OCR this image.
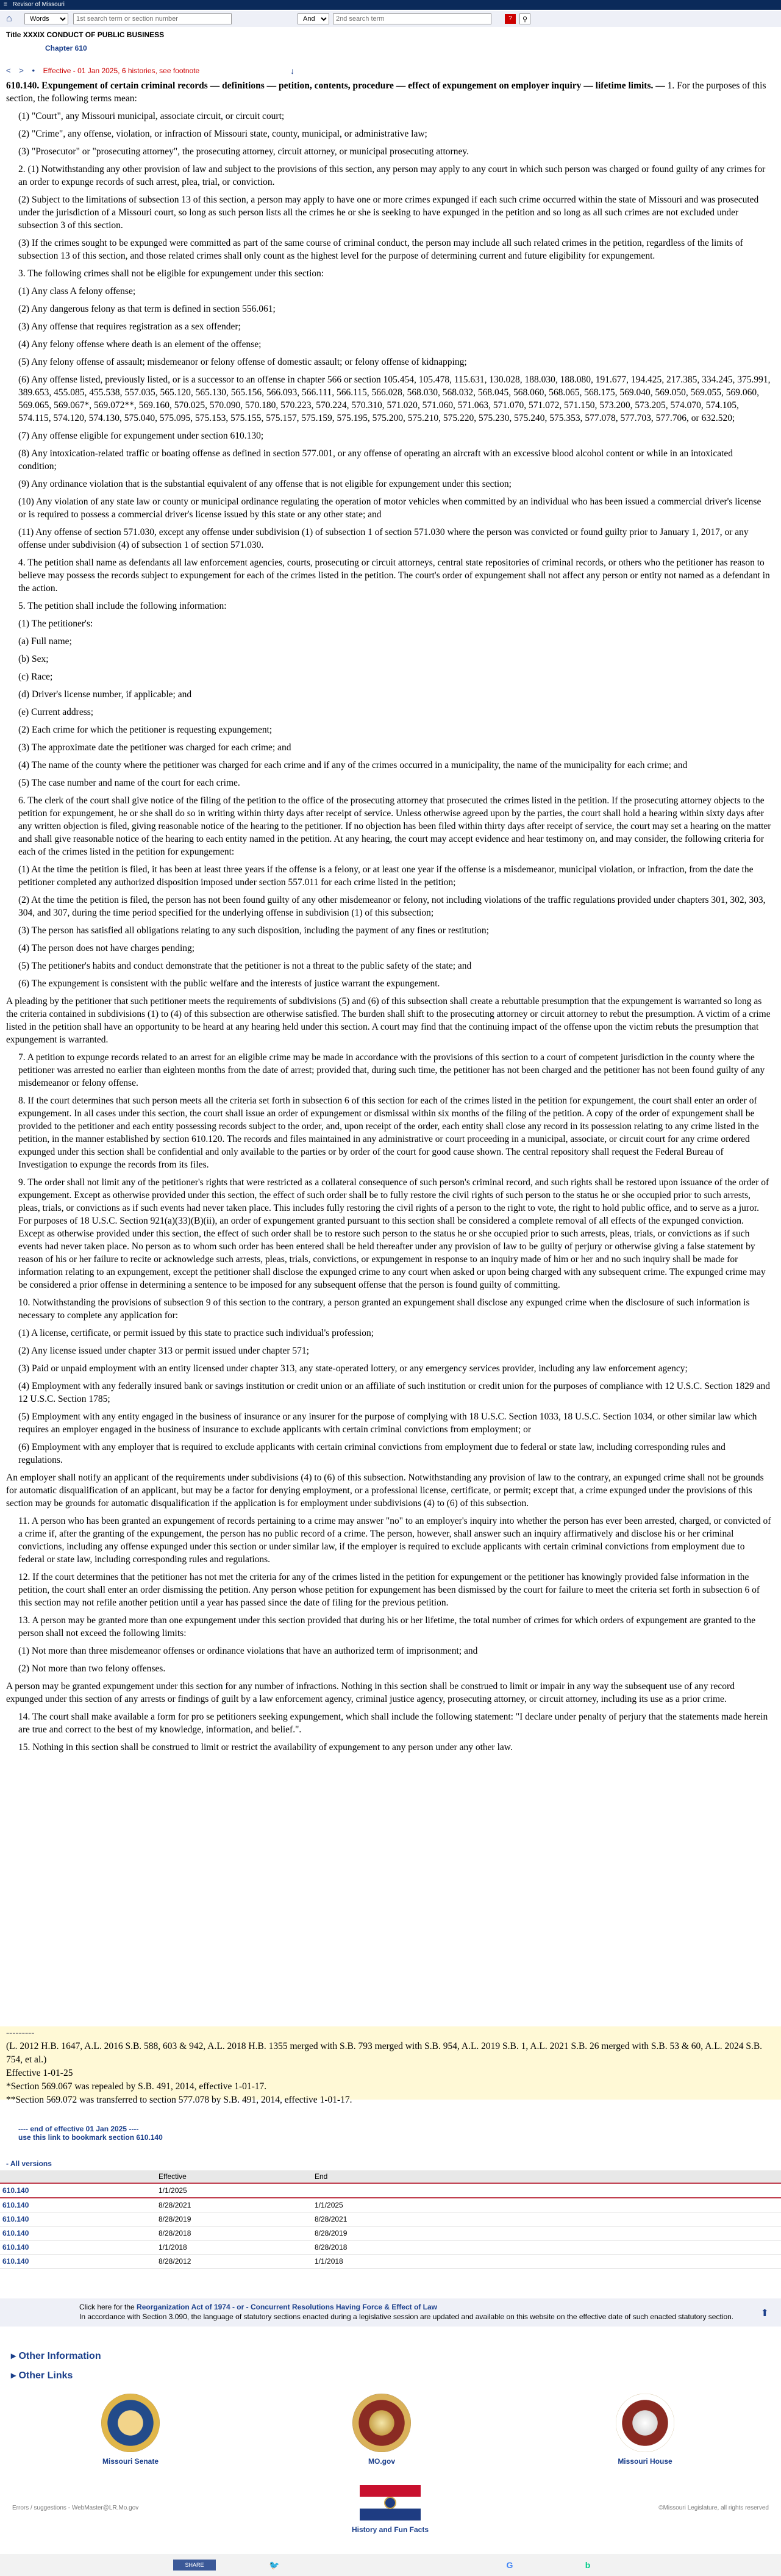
≡ Revisor of Missouri
⌂
Words
1st search term or section number
And
2nd search term	?	⚲
Title XXXIX CONDUCT OF PUBLIC BUSINESS
Chapter 610
< > • Effective - 01 Jan 2025, 6 histories, see footnote	↓

610.140. Expungement of certain criminal records — definitions — petition, contents, procedure — effect of expungement on employer inquiry — lifetime limits. — 1. For the purposes of this section, the following terms mean:

(1) "Court", any Missouri municipal, associate circuit, or circuit court;

(2) "Crime", any offense, violation, or infraction of Missouri state, county, municipal, or administrative law;

(3) "Prosecutor" or "prosecuting attorney", the prosecuting attorney, circuit attorney, or municipal prosecuting attorney.

2. (1) Notwithstanding any other provision of law and subject to the provisions of this section, any person may apply to any court in which such person was charged or found guilty of any crimes for an order to expunge records of such arrest, plea, trial, or conviction.

(2) Subject to the limitations of subsection 13 of this section, a person may apply to have one or more crimes expunged if each such crime occurred within the state of Missouri and was prosecuted under the jurisdiction of a Missouri court, so long as such person lists all the crimes he or she is seeking to have expunged in the petition and so long as all such crimes are not excluded under subsection 3 of this section.

(3) If the crimes sought to be expunged were committed as part of the same course of criminal conduct, the person may include all such related crimes in the petition, regardless of the limits of subsection 13 of this section, and those related crimes shall only count as the highest level for the purpose of determining current and future eligibility for expungement.

3. The following crimes shall not be eligible for expungement under this section:

(1) Any class A felony offense;

(2) Any dangerous felony as that term is defined in section 556.061;

(3) Any offense that requires registration as a sex offender;

(4) Any felony offense where death is an element of the offense;

(5) Any felony offense of assault; misdemeanor or felony offense of domestic assault; or felony offense of kidnapping;

(6) Any offense listed, previously listed, or is a successor to an offense in chapter 566 or section 105.454, 105.478, 115.631, 130.028, 188.030, 188.080, 191.677, 194.425, 217.385, 334.245, 375.991, 389.653, 455.085, 455.538, 557.035, 565.120, 565.130, 565.156, 566.093, 566.111, 566.115, 566.028, 568.030, 568.032, 568.045, 568.060, 568.065, 568.175, 569.040, 569.050, 569.055, 569.060, 569.065, 569.067*, 569.072**, 569.160, 570.025, 570.090, 570.180, 570.223, 570.224, 570.310, 571.020, 571.060, 571.063, 571.070, 571.072, 571.150, 573.200, 573.205, 574.070, 574.105, 574.115, 574.120, 574.130, 575.040, 575.095, 575.153, 575.155, 575.157, 575.159, 575.195, 575.200, 575.210, 575.220, 575.230, 575.240, 575.353, 577.078, 577.703, 577.706, or 632.520;

(7) Any offense eligible for expungement under section 610.130;

(8) Any intoxication-related traffic or boating offense as defined in section 577.001, or any offense of operating an aircraft with an excessive blood alcohol content or while in an intoxicated condition;

(9) Any ordinance violation that is the substantial equivalent of any offense that is not eligible for expungement under this section;

(10) Any violation of any state law or county or municipal ordinance regulating the operation of motor vehicles when committed by an individual who has been issued a commercial driver's license or is required to possess a commercial driver's license issued by this state or any other state; and

(11) Any offense of section 571.030, except any offense under subdivision (1) of subsection 1 of section 571.030 where the person was convicted or found guilty prior to January 1, 2017, or any offense under subdivision (4) of subsection 1 of section 571.030.

4. The petition shall name as defendants all law enforcement agencies, courts, prosecuting or circuit attorneys, central state repositories of criminal records, or others who the petitioner has reason to believe may possess the records subject to expungement for each of the crimes listed in the petition. The court's order of expungement shall not affect any person or entity not named as a defendant in the action.

5. The petition shall include the following information:

(1) The petitioner's:

(a) Full name;

(b) Sex;

(c) Race;

(d) Driver's license number, if applicable; and

(e) Current address;

(2) Each crime for which the petitioner is requesting expungement;

(3) The approximate date the petitioner was charged for each crime; and

(4) The name of the county where the petitioner was charged for each crime and if any of the crimes occurred in a municipality, the name of the municipality for each crime; and

(5) The case number and name of the court for each crime.

6. The clerk of the court shall give notice of the filing of the petition to the office of the prosecuting attorney that prosecuted the crimes listed in the petition. If the prosecuting attorney objects to the petition for expungement, he or she shall do so in writing within thirty days after receipt of service. Unless otherwise agreed upon by the parties, the court shall hold a hearing within sixty days after any written objection is filed, giving reasonable notice of the hearing to the petitioner. If no objection has been filed within thirty days after receipt of service, the court may set a hearing on the matter and shall give reasonable notice of the hearing to each entity named in the petition. At any hearing, the court may accept evidence and hear testimony on, and may consider, the following criteria for each of the crimes listed in the petition for expungement:

(1) At the time the petition is filed, it has been at least three years if the offense is a felony, or at least one year if the offense is a misdemeanor, municipal violation, or infraction, from the date the petitioner completed any authorized disposition imposed under section 557.011 for each crime listed in the petition;

(2) At the time the petition is filed, the person has not been found guilty of any other misdemeanor or felony, not including violations of the traffic regulations provided under chapters 301, 302, 303, 304, and 307, during the time period specified for the underlying offense in subdivision (1) of this subsection;

(3) The person has satisfied all obligations relating to any such disposition, including the payment of any fines or restitution;

(4) The person does not have charges pending;

(5) The petitioner's habits and conduct demonstrate that the petitioner is not a threat to the public safety of the state; and

(6) The expungement is consistent with the public welfare and the interests of justice warrant the expungement.

A pleading by the petitioner that such petitioner meets the requirements of subdivisions (5) and (6) of this subsection shall create a rebuttable presumption that the expungement is warranted so long as the criteria contained in subdivisions (1) to (4) of this subsection are otherwise satisfied. The burden shall shift to the prosecuting attorney or circuit attorney to rebut the presumption. A victim of a crime listed in the petition shall have an opportunity to be heard at any hearing held under this section. A court may find that the continuing impact of the offense upon the victim rebuts the presumption that expungement is warranted.

7. A petition to expunge records related to an arrest for an eligible crime may be made in accordance with the provisions of this section to a court of competent jurisdiction in the county where the petitioner was arrested no earlier than eighteen months from the date of arrest; provided that, during such time, the petitioner has not been charged and the petitioner has not been found guilty of any misdemeanor or felony offense.

8. If the court determines that such person meets all the criteria set forth in subsection 6 of this section for each of the crimes listed in the petition for expungement, the court shall enter an order of expungement. In all cases under this section, the court shall issue an order of expungement or dismissal within six months of the filing of the petition. A copy of the order of expungement shall be provided to the petitioner and each entity possessing records subject to the order, and, upon receipt of the order, each entity shall close any record in its possession relating to any crime listed in the petition, in the manner established by section 610.120. The records and files maintained in any administrative or court proceeding in a municipal, associate, or circuit court for any crime ordered expunged under this section shall be confidential and only available to the parties or by order of the court for good cause shown. The central repository shall request the Federal Bureau of Investigation to expunge the records from its files.

9. The order shall not limit any of the petitioner's rights that were restricted as a collateral consequence of such person's criminal record, and such rights shall be restored upon issuance of the order of expungement. Except as otherwise provided under this section, the effect of such order shall be to fully restore the civil rights of such person to the status he or she occupied prior to such arrests, pleas, trials, or convictions as if such events had never taken place. This includes fully restoring the civil rights of a person to the right to vote, the right to hold public office, and to serve as a juror. For purposes of 18 U.S.C. Section 921(a)(33)(B)(ii), an order of expungement granted pursuant to this section shall be considered a complete removal of all effects of the expunged conviction. Except as otherwise provided under this section, the effect of such order shall be to restore such person to the status he or she occupied prior to such arrests, pleas, trials, or convictions as if such events had never taken place. No person as to whom such order has been entered shall be held thereafter under any provision of law to be guilty of perjury or otherwise giving a false statement by reason of his or her failure to recite or acknowledge such arrests, pleas, trials, convictions, or expungement in response to an inquiry made of him or her and no such inquiry shall be made for information relating to an expungement, except the petitioner shall disclose the expunged crime to any court when asked or upon being charged with any subsequent crime. The expunged crime may be considered a prior offense in determining a sentence to be imposed for any subsequent offense that the person is found guilty of committing.

10. Notwithstanding the provisions of subsection 9 of this section to the contrary, a person granted an expungement shall disclose any expunged crime when the disclosure of such information is necessary to complete any application for:

(1) A license, certificate, or permit issued by this state to practice such individual's profession;

(2) Any license issued under chapter 313 or permit issued under chapter 571;

(3) Paid or unpaid employment with an entity licensed under chapter 313, any state-operated lottery, or any emergency services provider, including any law enforcement agency;

(4) Employment with any federally insured bank or savings institution or credit union or an affiliate of such institution or credit union for the purposes of compliance with 12 U.S.C. Section 1829 and 12 U.S.C. Section 1785;

(5) Employment with any entity engaged in the business of insurance or any insurer for the purpose of complying with 18 U.S.C. Section 1033, 18 U.S.C. Section 1034, or other similar law which requires an employer engaged in the business of insurance to exclude applicants with certain criminal convictions from employment; or

(6) Employment with any employer that is required to exclude applicants with certain criminal convictions from employment due to federal or state law, including corresponding rules and regulations.

An employer shall notify an applicant of the requirements under subdivisions (4) to (6) of this subsection. Notwithstanding any provision of law to the contrary, an expunged crime shall not be grounds for automatic disqualification of an applicant, but may be a factor for denying employment, or a professional license, certificate, or permit; except that, a crime expunged under the provisions of this section may be grounds for automatic disqualification if the application is for employment under subdivisions (4) to (6) of this subsection.

11. A person who has been granted an expungement of records pertaining to a crime may answer "no" to an employer's inquiry into whether the person has ever been arrested, charged, or convicted of a crime if, after the granting of the expungement, the person has no public record of a crime. The person, however, shall answer such an inquiry affirmatively and disclose his or her criminal convictions, including any offense expunged under this section or under similar law, if the employer is required to exclude applicants with certain criminal convictions from employment due to federal or state law, including corresponding rules and regulations.

12. If the court determines that the petitioner has not met the criteria for any of the crimes listed in the petition for expungement or the petitioner has knowingly provided false information in the petition, the court shall enter an order dismissing the petition. Any person whose petition for expungement has been dismissed by the court for failure to meet the criteria set forth in subsection 6 of this section may not refile another petition until a year has passed since the date of filing for the previous petition.

13. A person may be granted more than one expungement under this section provided that during his or her lifetime, the total number of crimes for which orders of expungement are granted to the person shall not exceed the following limits:

(1) Not more than three misdemeanor offenses or ordinance violations that have an authorized term of imprisonment; and

(2) Not more than two felony offenses.

A person may be granted expungement under this section for any number of infractions. Nothing in this section shall be construed to limit or impair in any way the subsequent use of any record expunged under this section of any arrests or findings of guilt by a law enforcement agency, criminal justice agency, prosecuting attorney, or circuit attorney, including its use as a prior crime.

14. The court shall make available a form for pro se petitioners seeking expungement, which shall include the following statement: "I declare under penalty of perjury that the statements made herein are true and correct to the best of my knowledge, information, and belief.".

15. Nothing in this section shall be construed to limit or restrict the availability of expungement to any person under any other law.

---------

(L. 2012 H.B. 1647, A.L. 2016 S.B. 588, 603 & 942, A.L. 2018 H.B. 1355 merged with S.B. 793 merged with S.B. 954, A.L. 2019 S.B. 1, A.L. 2021 S.B. 26 merged with S.B. 53 & 60, A.L. 2024 S.B. 754, et al.)

Effective 1-01-25

*Section 569.067 was repealed by S.B. 491, 2014, effective 1-01-17.

**Section 569.072 was transferred to section 577.078 by S.B. 491, 2014, effective 1-01-17.

---- end of effective 01 Jan 2025 ----
use this link to bookmark section 610.140
- All versions
	Effective	End
610.140	1/1/2025	
610.140	8/28/2021	1/1/2025
610.140	8/28/2019	8/28/2021
610.140	8/28/2018	8/28/2019
610.140	1/1/2018	8/28/2018
610.140	8/28/2012	1/1/2018

Click here for the Reorganization Act of 1974 - or - Concurrent Resolutions Having Force & Effect of Law

In accordance with Section 3.090, the language of statutory sections enacted during a legislative session are updated and available on this website on the effective date of such enacted statutory section.	⬆
▸ Other Information
▸ Other Links
Missouri Senate	MO.gov	Missouri House
Errors / suggestions - WebMaster@LR.Mo.gov	©Missouri Legislature, all rights reserved
History and Fun Facts
SHARE	🐦	G	b
